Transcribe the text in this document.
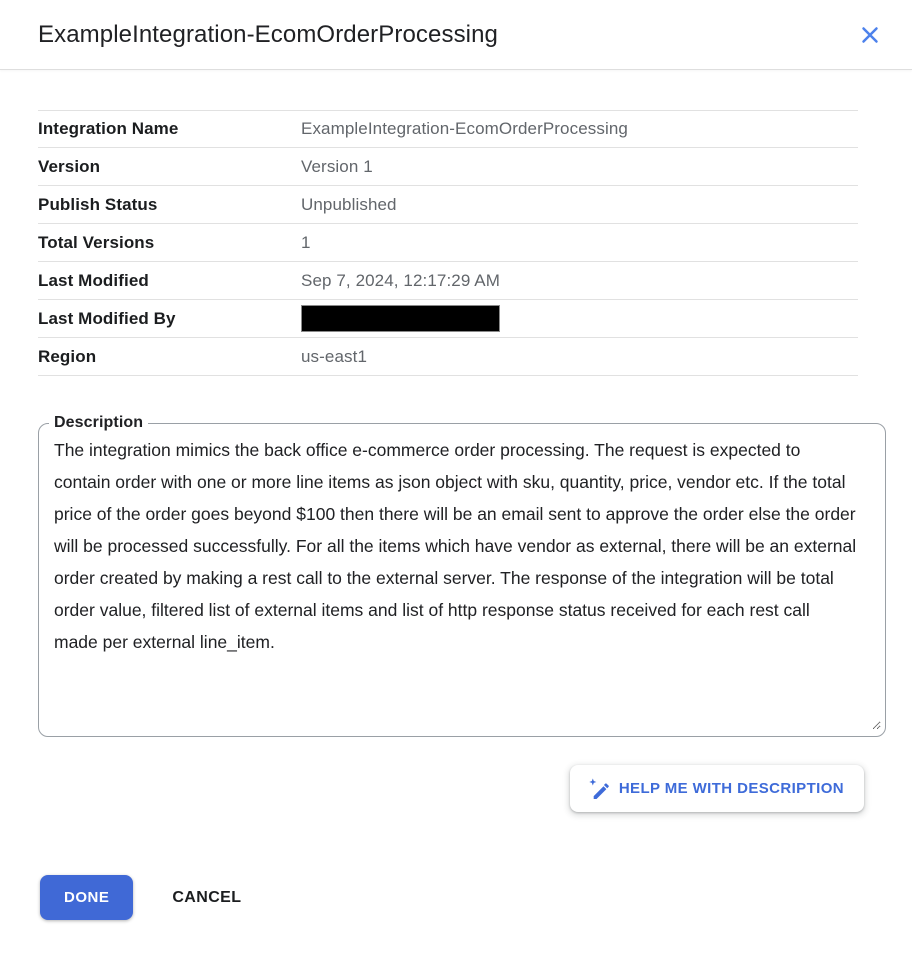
ExampleIntegration-EcomOrderProcessing
Integration Name	ExampleIntegration-EcomOrderProcessing
Version	Version 1
Publish Status	Unpublished
Total Versions	1
Last Modified	Sep 7, 2024, 12:17:29 AM
Last Modified By
Region	us-east1
Description
The integration mimics the back office e-commerce order processing. The request is expected to contain order with one or more line items as json object with sku, quantity, price, vendor etc. If the total price of the order goes beyond $100 then there will be an email sent to approve the order else the order will be processed successfully. For all the items which have vendor as external, there will be an external order created by making a rest call to the external server. The response of the integration will be total order value, filtered list of external items and list of http response status received for each rest call made per external line_item.
HELP ME WITH DESCRIPTION
DONE	CANCEL
